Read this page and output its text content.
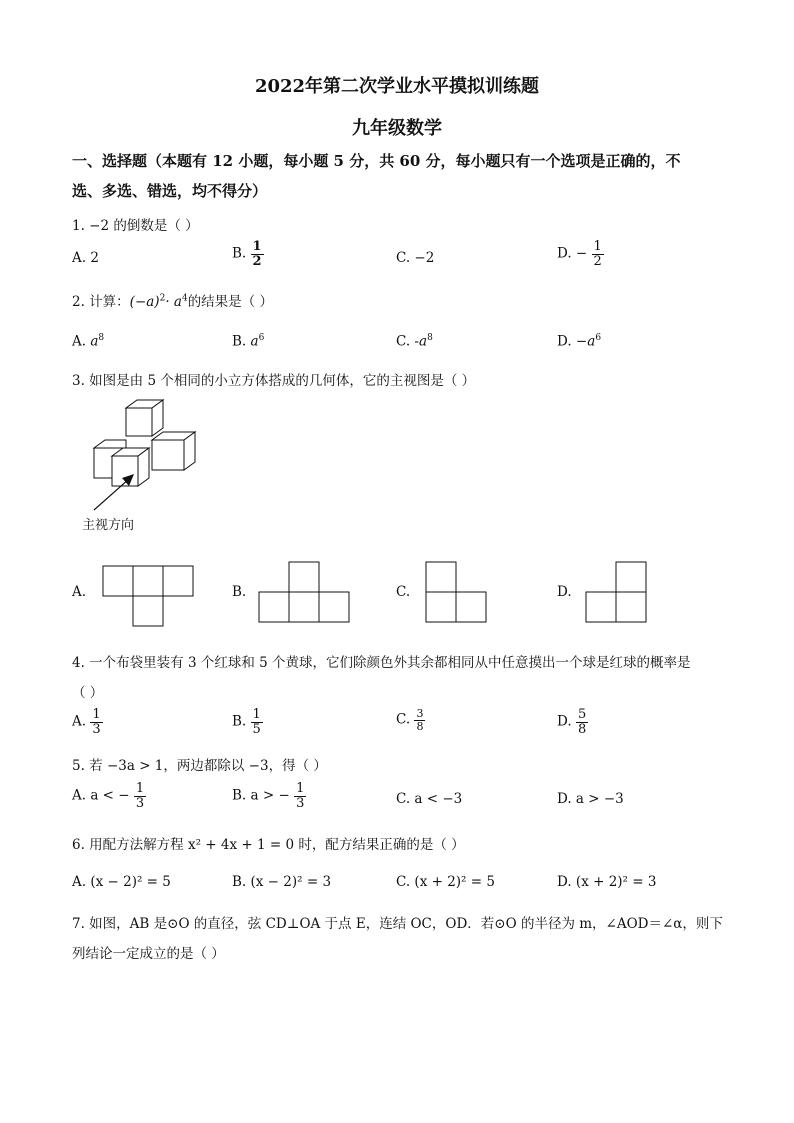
2022年第二次学业水平摸拟训练题
九年级数学
一、选择题（本题有 12 小题，每小题 5 分，共 60 分，每小题只有一个选项是正确的，不
选、多选、错选，均不得分）
1. −2 的倒数是（ ）
A. 2	B. $\frac{1}{2}$	C. −2	D. − $\frac{1}{2}$
2. 计算：$(-a)^2\cdot a^4$的结果是（ ）
A. $a^8$	B. $a^6$	C. $-a^8$	D. $-a^6$
3. 如图是由 5 个相同的小立方体搭成的几何体，它的主视图是（ ）
主视方向
A.	B.	C.	D.
4. 一个布袋里装有 3 个红球和 5 个黄球，它们除颜色外其余都相同从中任意摸出一个球是红球的概率是
（ ）
A. $\frac{1}{3}$	B. $\frac{1}{5}$	C. $\frac{3}{8}$	D. $\frac{5}{8}$
5. 若 −3a > 1，两边都除以 −3，得（ ）
A. a < − $\frac{1}{3}$	B. a > − $\frac{1}{3}$	C. a < −3	D. a > −3
6. 用配方法解方程 x² + 4x + 1 = 0 时，配方结果正确的是（ ）
A. (x − 2)² = 5	B. (x − 2)² = 3	C. (x + 2)² = 5	D. (x + 2)² = 3
7. 如图，AB 是⊙O 的直径，弦 CD⊥OA 于点 E，连结 OC，OD．若⊙O 的半径为 m，∠AOD＝∠α，则下
列结论一定成立的是（ ）
